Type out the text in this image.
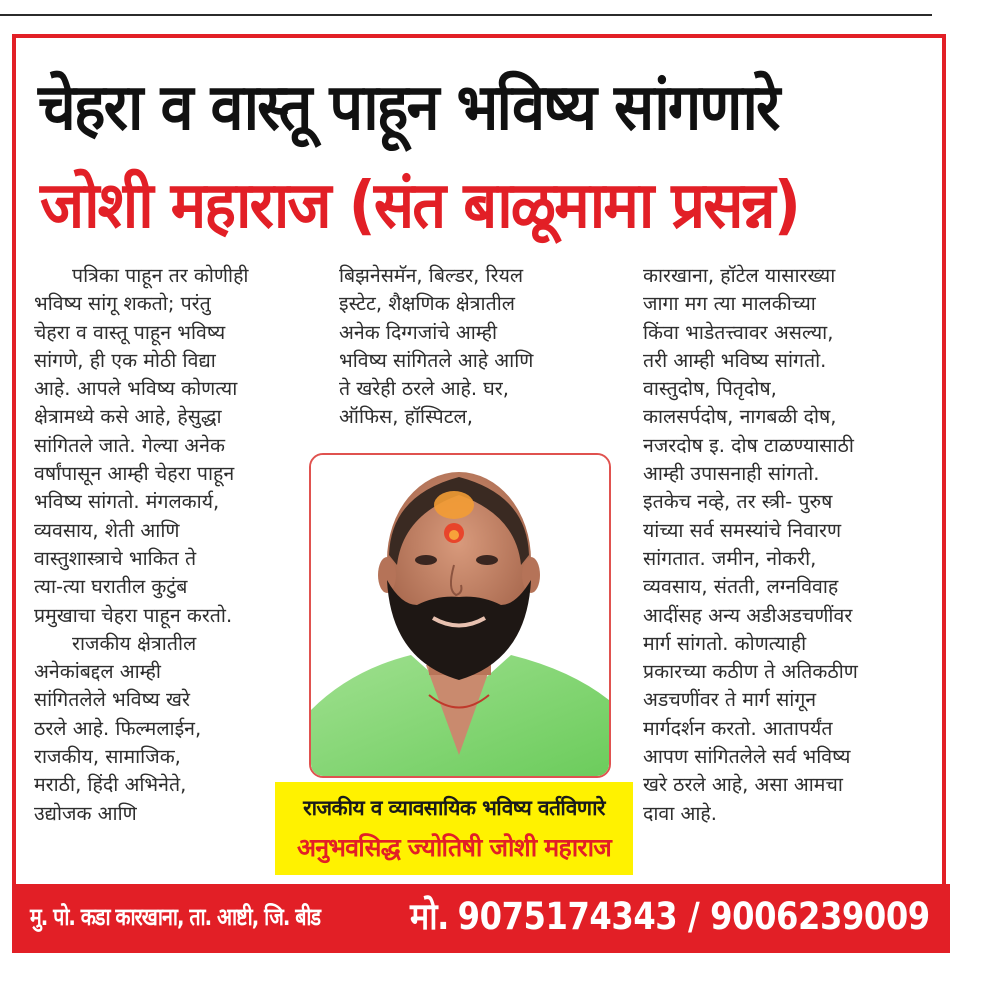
चेहरा व वास्तू पाहून भविष्य सांगणारे
जोशी महाराज (संत बाळूमामा प्रसन्न)

पत्रिका पाहून तर कोणीही

भविष्य सांगू शकतो; परंतु

चेहरा व वास्तू पाहून भविष्य

सांगणे, ही एक मोठी विद्या

आहे. आपले भविष्य कोणत्या

क्षेत्रामध्ये कसे आहे, हेसुद्धा

सांगितले जाते. गेल्या अनेक

वर्षांपासून आम्ही चेहरा पाहून

भविष्य सांगतो. मंगलकार्य,

व्यवसाय, शेती आणि

वास्तुशास्त्राचे भाकित ते

त्या-त्या घरातील कुटुंब

प्रमुखाचा चेहरा पाहून करतो.

राजकीय क्षेत्रातील

अनेकांबद्दल आम्ही

सांगितलेले भविष्य खरे

ठरले आहे. फिल्मलाईन,

राजकीय, सामाजिक,

मराठी, हिंदी अभिनेते,

उद्योजक आणि

बिझनेसमॅन, बिल्डर, रियल

इस्टेट, शैक्षणिक क्षेत्रातील

अनेक दिग्गजांचे आम्ही

भविष्य सांगितले आहे आणि

ते खरेही ठरले आहे. घर,

ऑफिस, हॉस्पिटल,

कारखाना, हॉटेल यासारख्या

जागा मग त्या मालकीच्या

किंवा भाडेतत्त्वावर असल्या,

तरी आम्ही भविष्य सांगतो.

वास्तुदोष, पितृदोष,

कालसर्पदोष, नागबळी दोष,

नजरदोष इ. दोष टाळण्यासाठी

आम्ही उपासनाही सांगतो.

इतकेच नव्हे, तर स्त्री- पुरुष

यांच्या सर्व समस्यांचे निवारण

सांगतात. जमीन, नोकरी,

व्यवसाय, संतती, लग्नविवाह

आदींसह अन्य अडीअडचणींवर

मार्ग सांगतो. कोणत्याही

प्रकारच्या कठीण ते अतिकठीण

अडचणींवर ते मार्ग सांगून

मार्गदर्शन करतो. आतापर्यंत

आपण सांगितलेले सर्व भविष्य

खरे ठरले आहे, असा आमचा

दावा आहे.

राजकीय व व्यावसायिक भविष्य वर्तविणारे
अनुभवसिद्ध ज्योतिषी जोशी महाराज
मु. पो. कडा कारखाना, ता. आष्टी, जि. बीड मो. 9075174343 / 9006239009
